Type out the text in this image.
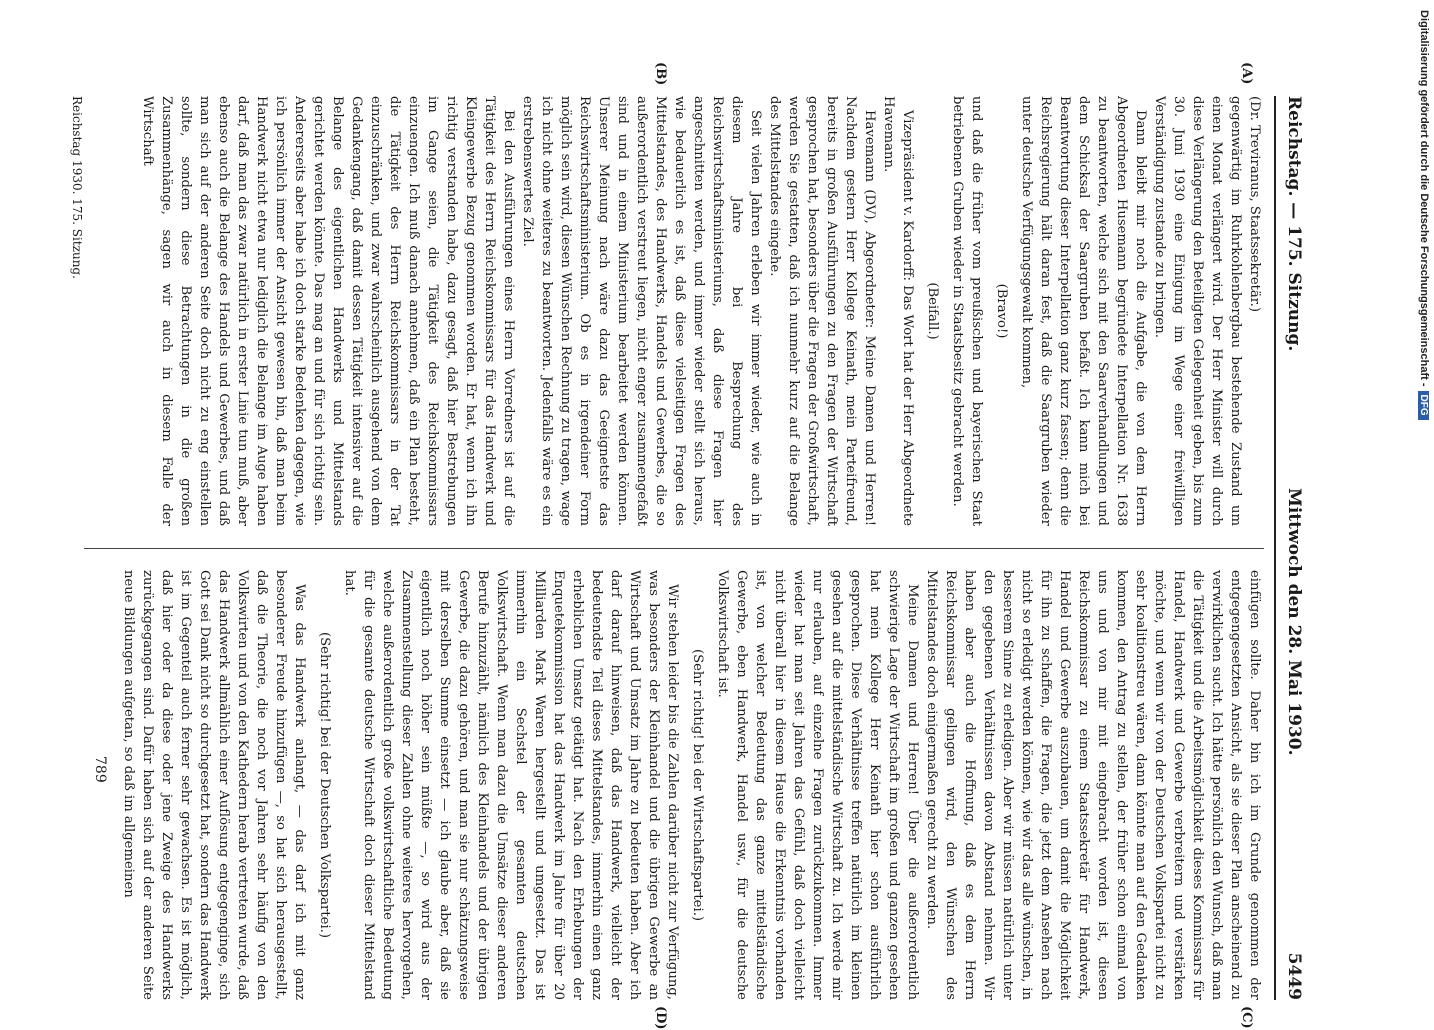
Reichstag. — 175. Sitzung.
Mittwoch den 28. Mai 1930.
5449

(Dr. Treviranus, Staatssekretär.)

gegenwärtig im Ruhrkohlenbergbau bestehende Zustand um einen Monat verlängert wird. Der Herr Minister will durch diese Verlängerung den Beteiligten Gelegenheit geben, bis zum 30. Juni 1930 eine Einigung im Wege einer freiwilligen Verständigung zustande zu bringen.

Dann bleibt mir noch die Aufgabe, die von dem Herrn Abgeordneten Husemann begründete Interpellation Nr. 1638 zu beantworten, welche sich mit den Saarverhandlungen und dem Schicksal der Saargruben befaßt. Ich kann mich bei Beantwortung dieser Interpellation ganz kurz fassen; denn die Reichsregierung hält daran fest, daß die Saargruben wieder unter deutsche Verfügungsgewalt kommen,

(Bravo!)

und daß die früher vom preußischen und bayerischen Staat betriebenen Gruben wieder in Staatsbesitz gebracht werden.

(Beifall.)

Vizepräsident v. Kardorff: Das Wort hat der Herr Abgeordnete Havemann.

Havemann (DV), Abgeordneter: Meine Damen und Herren! Nachdem gestern Herr Kollege Keinath, mein Parteifreund, bereits in großen Ausführungen zu den Fragen der Wirtschaft gesprochen hat, besonders über die Fragen der Großwirtschaft, werden Sie gestatten, daß ich nunmehr kurz auf die Belange des Mittelstandes eingehe.

Seit vielen Jahren erleben wir immer wieder, wie auch in diesem Jahre bei Besprechung des Reichswirtschaftsministeriums, daß diese Fragen hier angeschnitten werden, und immer wieder stellt sich heraus, wie bedauerlich es ist, daß diese vielseitigen Fragen des Mittelstandes, des Handwerks, Handels und Gewerbes, die so außerordentlich verstreut liegen, nicht enger zusammengefaßt sind und in einem Ministerium bearbeitet werden können. Unserer Meinung nach wäre dazu das Geeignetste das Reichswirtschaftsministerium. Ob es in irgendeiner Form möglich sein wird, diesen Wünschen Rechnung zu tragen, wage ich nicht ohne weiteres zu beantworten. Jedenfalls wäre es ein erstrebenswertes Ziel.

Bei den Ausführungen eines Herrn Vorredners ist auf die Tätigkeit des Herrn Reichskommissars für das Handwerk und Kleingewerbe Bezug genommen worden. Er hat, wenn ich ihn richtig verstanden habe, dazu gesagt, daß hier Bestrebungen im Gange seien, die Tätigkeit des Reichskommissars einzuengen. Ich muß danach annehmen, daß ein Plan besteht, die Tätigkeit des Herrn Reichskommissars in der Tat einzuschränken, und zwar wahrscheinlich ausgehend von dem Gedankengang, daß damit dessen Tätigkeit intensiver auf die Belange des eigentlichen Handwerks und Mittelstands gerichtet werden könnte. Das mag an und für sich richtig sein. Andererseits aber habe ich doch starke Bedenken dagegen, wie ich persönlich immer der Ansicht gewesen bin, daß man beim Handwerk nicht etwa nur lediglich die Belange im Auge haben darf, daß man das zwar natürlich in erster Linie tun muß, aber ebenso auch die Belange des Handels und Gewerbes, und daß man sich auf der anderen Seite doch nicht zu eng einstellen sollte, sondern diese Betrachtungen in die großen Zusammenhänge, sagen wir auch in diesem Falle der Wirtschaft

einfügen sollte. Daher bin ich im Grunde genommen der entgegengesetzten Ansicht, als sie dieser Plan anscheinend zu verwirklichen sucht. Ich hätte persönlich den Wunsch, daß man die Tätigkeit und die Arbeitsmöglichkeit dieses Kommissars für Handel, Handwerk und Gewerbe verbreitern und verstärken möchte, und wenn wir von der Deutschen Volkspartei nicht zu sehr koalitionstreu wären, dann könnte man auf den Gedanken kommen, den Antrag zu stellen, der früher schon einmal von uns und von mir mit eingebracht worden ist, diesen Reichskommissar zu einem Staatssekretär für Handwerk, Handel und Gewerbe auszubauen, um damit die Möglichkeit für ihn zu schaffen, die Fragen, die jetzt dem Ansehen nach nicht so erledigt werden können, wie wir das alle wünschen, in besserem Sinne zu erledigen. Aber wir müssen natürlich unter den gegebenen Verhältnissen davon Abstand nehmen. Wir haben aber auch die Hoffnung, daß es dem Herrn Reichskommissar gelingen wird, den Wünschen des Mittelstandes doch einigermaßen gerecht zu werden.

Meine Damen und Herren! Über die außerordentlich schwierige Lage der Wirtschaft im großen und ganzen gesehen hat mein Kollege Herr Keinath hier schon ausführlich gesprochen. Diese Verhältnisse treffen natürlich im kleinen gesehen auf die mittelständische Wirtschaft zu. Ich werde mir nur erlauben, auf einzelne Fragen zurückzukommen. Immer wieder hat man seit Jahren das Gefühl, daß doch vielleicht nicht überall hier in diesem Hause die Erkenntnis vorhanden ist, von welcher Bedeutung das ganze mittelständische Gewerbe, eben Handwerk, Handel usw., für die deutsche Volkswirtschaft ist.

(Sehr richtig! bei der Wirtschaftspartei.)

Wir stehen leider bis die Zahlen darüber nicht zur Verfügung, was besonders der Kleinhandel und die übrigen Gewerbe an Wirtschaft und Umsatz im Jahre zu bedeuten haben. Aber ich darf darauf hinweisen, daß das Handwerk, vielleicht der bedeutendste Teil dieses Mittelstandes, immerhin einen ganz erheblichen Umsatz getätigt hat. Nach den Erhebungen der Enquetekommission hat das Handwerk im Jahre für über 20 Milliarden Mark Waren hergestellt und umgesetzt. Das ist immerhin ein Sechstel der gesamten deutschen Volkswirtschaft. Wenn man dazu die Umsätze dieser anderen Berufe hinzuzählt, nämlich des Kleinhandels und der übrigen Gewerbe, die dazu gehören, und man sie nur schätzungsweise mit derselben Summe einsetzt — ich glaube aber, daß sie eigentlich noch höher sein müßte —, so wird aus der Zusammenstellung dieser Zahlen ohne weiteres hervorgehen, welche außerordentlich große volkswirtschaftliche Bedeutung für die gesamte deutsche Wirtschaft doch dieser Mittelstand hat.

(Sehr richtig! bei der Deutschen Volkspartei.)

Was das Handwerk anlangt, — das darf ich mit ganz besonderer Freude hinzufügen —, so hat sich herausgestellt, daß die Theorie, die noch vor Jahren sehr häufig von den Volkswirten und von den Kathedern herab vertreten wurde, daß das Handwerk allmählich einer Auflösung entgegenginge, sich Gott sei Dank nicht so durchgesetzt hat, sondern das Handwerk ist im Gegenteil auch ferner sehr gewachsen. Es ist möglich, daß hier oder da diese oder jene Zweige des Handwerks zurückgegangen sind. Dafür haben sich auf der anderen Seite neue Bildungen aufgetan, so daß im allgemeinen

(A)
(B)
(C)
(D)
Reichstag 1930. 175. Sitzung.
789
Digitalisierung gefördert durch die Deutsche Forschungsgemeinschaft -DFG
